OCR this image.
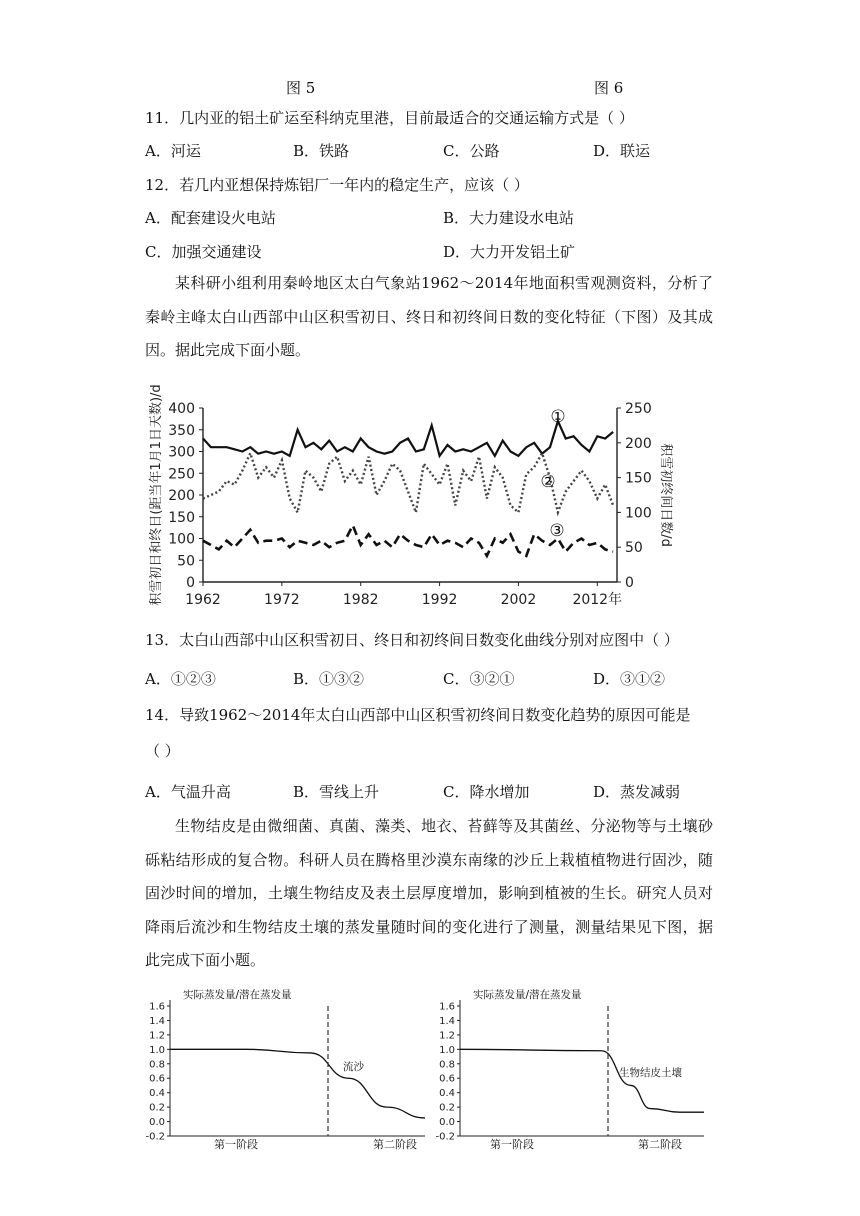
图 5	图 6
11．几内亚的铝土矿运至科纳克里港，目前最适合的交通运输方式是（ ）
A．河运	B．铁路	C．公路	D．联运
12．若几内亚想保持炼铝厂一年内的稳定生产，应该（ ）
A．配套建设火电站	B．大力建设水电站
C．加强交通建设	D．大力开发铝土矿
某科研小组利用秦岭地区太白气象站1962～2014年地面积雪观测资料，分析了秦岭主峰太白山西部中山区积雪初日、终日和初终间日数的变化特征（下图）及其成因。据此完成下面小题。
0
50
100
150
200
250
300
350
400
0
50
100
150
200
250
1962	1972	1982	1992	2002	2012年
积雪初日和终日(距当年1月1日天数)/d	积雪初终间日数/d
①
②
③
13．太白山西部中山区积雪初日、终日和初终间日数变化曲线分别对应图中（ ）
A．①②③	B．①③②	C．③②①	D．③①②
14．导致1962～2014年太白山西部中山区积雪初终间日数变化趋势的原因可能是
（ ）
A．气温升高	B．雪线上升	C．降水增加	D．蒸发减弱
生物结皮是由微细菌、真菌、藻类、地衣、苔藓等及其菌丝、分泌物等与土壤砂砾粘结形成的复合物。科研人员在腾格里沙漠东南缘的沙丘上栽植植物进行固沙，随固沙时间的增加，土壤生物结皮及表土层厚度增加，影响到植被的生长。研究人员对降雨后流沙和生物结皮土壤的蒸发量随时间的变化进行了测量，测量结果见下图，据此完成下面小题。
1.6
1.4
1.2
1.0
0.8
0.6
0.4
0.2
0.0
-0.2
实际蒸发量/潜在蒸发量
第一阶段	第二阶段
流沙
1.6
1.4
1.2
1.0
0.8
0.6
0.4
0.2
0.0
-0.2
实际蒸发量/潜在蒸发量
第一阶段	第二阶段
生物结皮土壤
